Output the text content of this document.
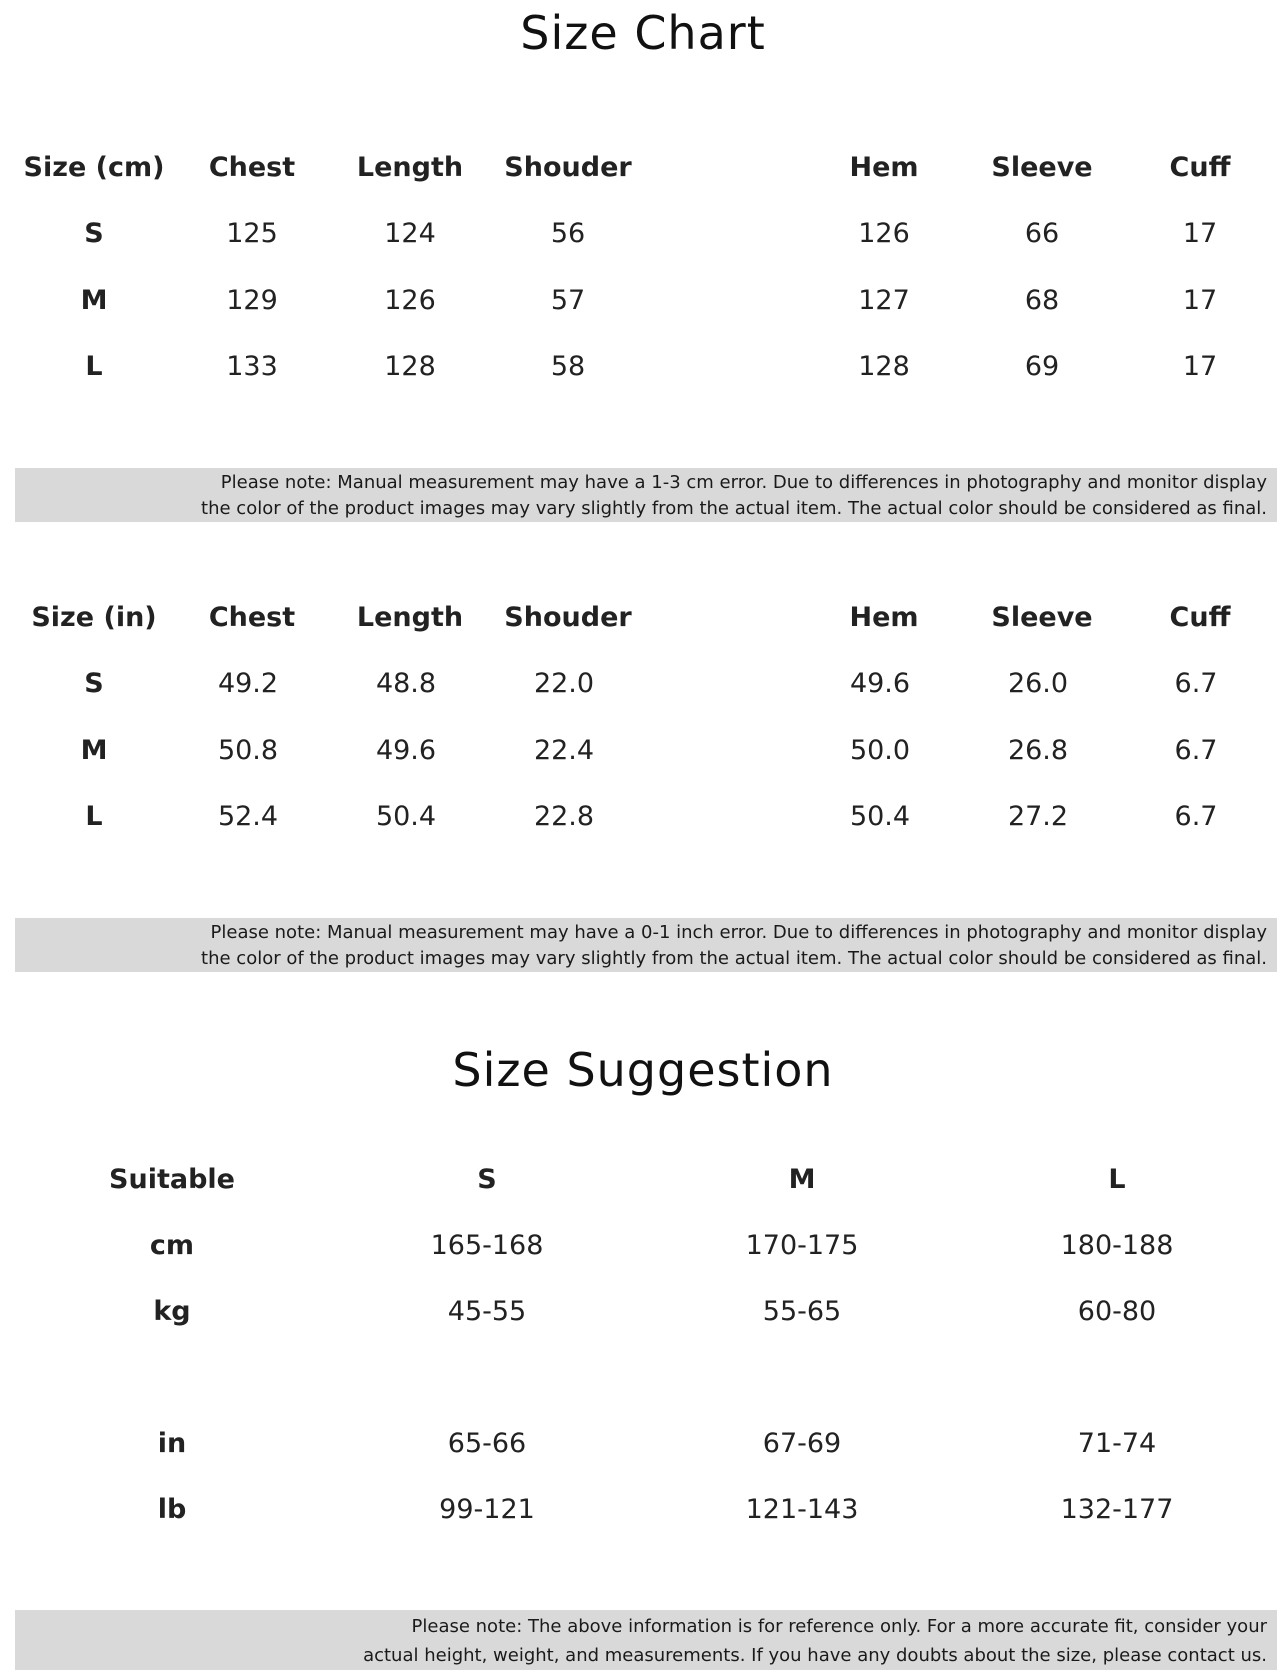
Size Chart
Size (cm) Chest Length Shouder	Hem	Sleeve	Cuff
S	125	124	56	126	66	17
M	129	126	57	127	68	17
L	133	128	58	128	69	17

Please note: Manual measurement may have a 1-3 cm error. Due to differences in photography and monitor display

the color of the product images may vary slightly from the actual item. The actual color should be considered as final.

Size (in) Chest Length Shouder	Hem	Sleeve	Cuff
S	49.2	48.8	22.0	49.6	26.0	6.7
M	50.8	49.6	22.4	50.0	26.8	6.7
L	52.4	50.4	22.8	50.4	27.2	6.7

Please note: Manual measurement may have a 0-1 inch error. Due to differences in photography and monitor display

the color of the product images may vary slightly from the actual item. The actual color should be considered as final.

Size Suggestion
Suitable	S	M	L
cm	165-168	170-175	180-188
kg	45-55	55-65	60-80
in	65-66	67-69	71-74
lb	99-121	121-143	132-177

Please note: The above information is for reference only. For a more accurate fit, consider your

actual height, weight, and measurements. If you have any doubts about the size, please contact us.
